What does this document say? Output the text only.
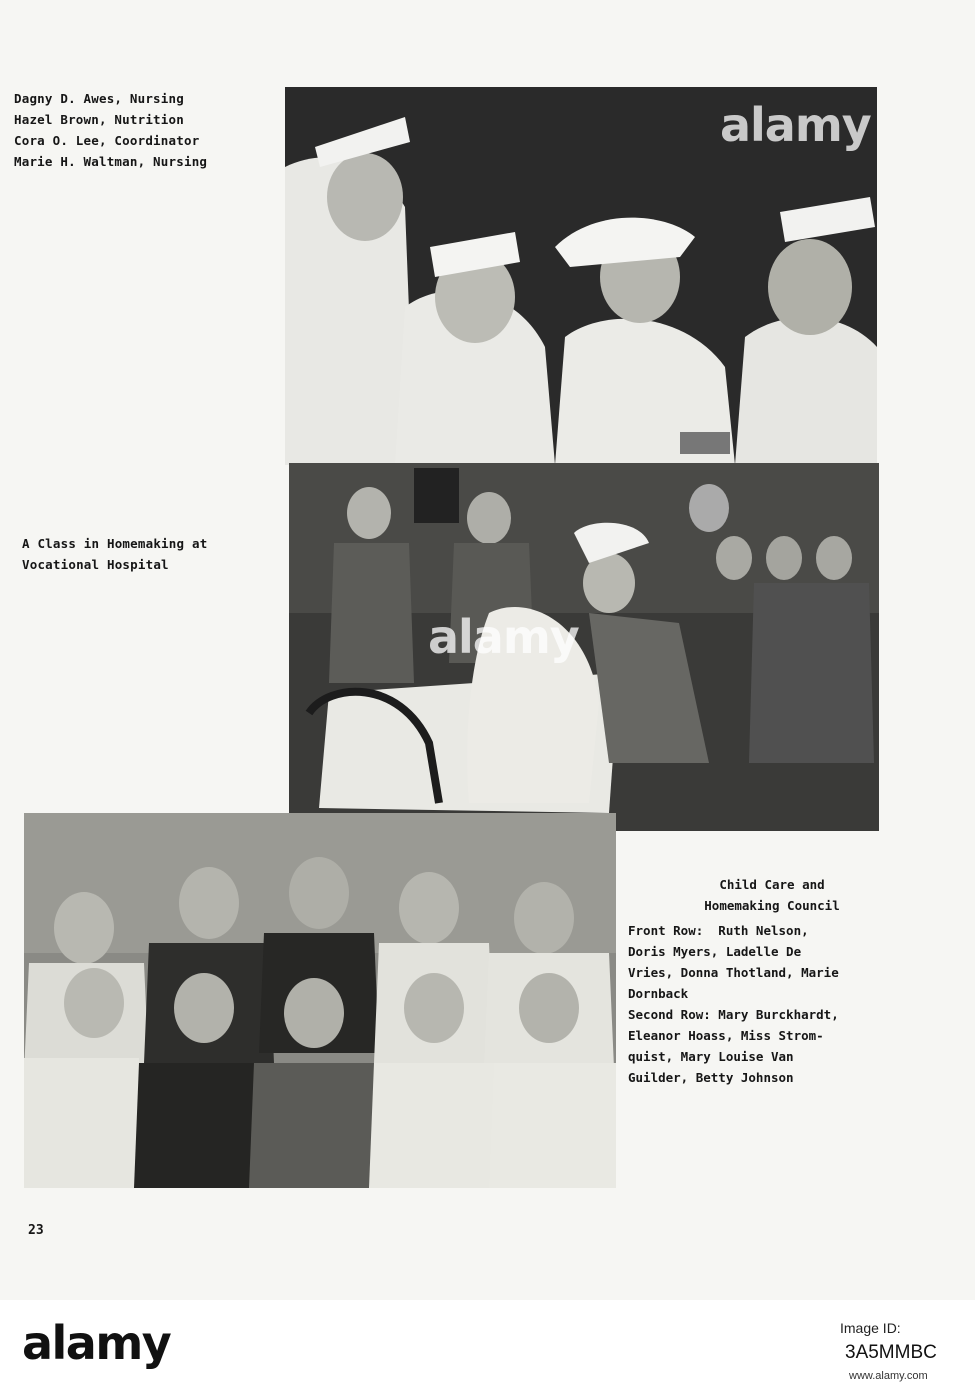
Dagny D. Awes, Nursing
Hazel Brown, Nutrition
Cora O. Lee, Coordinator
Marie H. Waltman, Nursing
alamy
A Class in Homemaking at
Vocational Hospital
alamy
Child Care and
Homemaking Council
Front Row:  Ruth Nelson,
Doris Myers, Ladelle De
Vries, Donna Thotland, Marie
Dornback
Second Row: Mary Burckhardt,
Eleanor Hoass, Miss Strom-
quist, Mary Louise Van
Guilder, Betty Johnson
23
alamy	Image ID:
3A5MMBC
www.alamy.com
